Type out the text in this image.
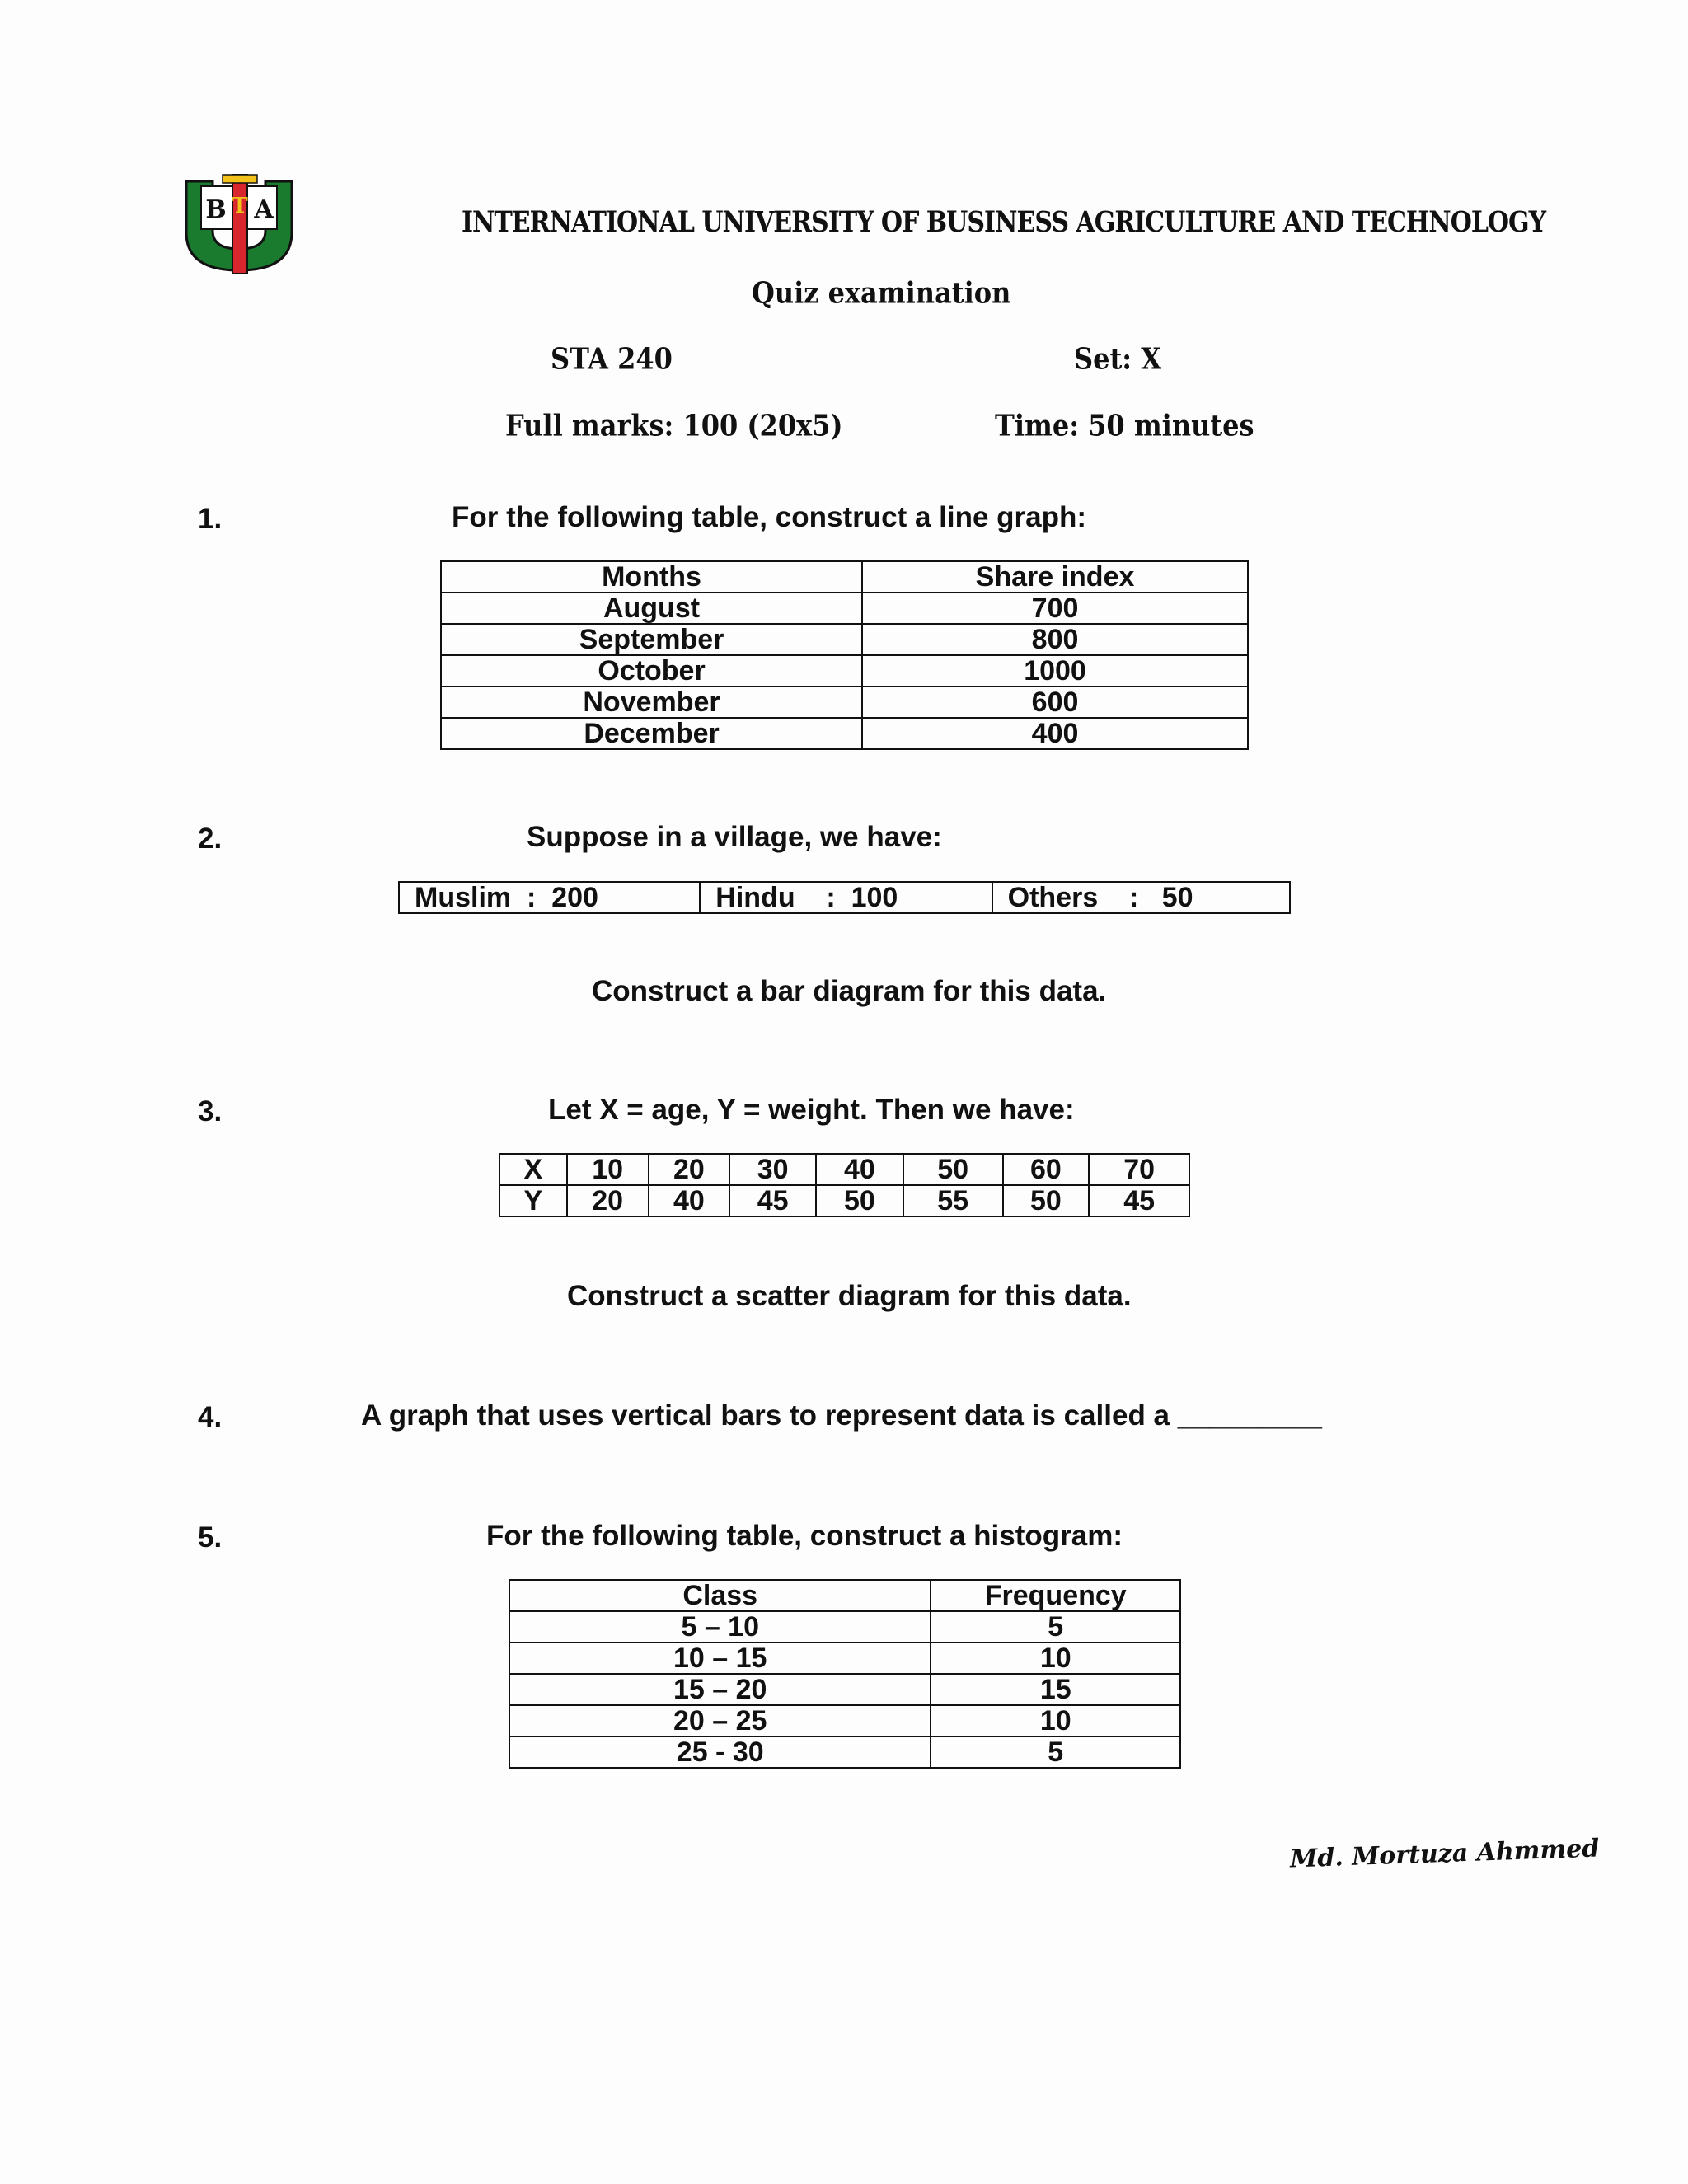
B T A	INTERNATIONAL UNIVERSITY OF BUSINESS AGRICULTURE AND TECHNOLOGY
Quiz examination
STA 240	Set: X
Full marks: 100 (20x5)	Time: 50 minutes
1.	For the following table, construct a line graph:
Months	Share index
August	700
September	800
October	1000
November	600
December	400
2.	Suppose in a village, we have:
Muslim  :  200	Hindu    :  100	Others    :   50
Construct a bar diagram for this data.
3.	Let X = age, Y = weight. Then we have:
X	10	20	30	40	50	60	70
Y	20	40	45	50	55	50	45
Construct a scatter diagram for this data.
4.	A graph that uses vertical bars to represent data is called a _________
5.	For the following table, construct a histogram:
Class	Frequency
5 – 10	5
10 – 15	10
15 – 20	15
20 – 25	10
25 - 30	5
Md. Mortuza Ahmmed
